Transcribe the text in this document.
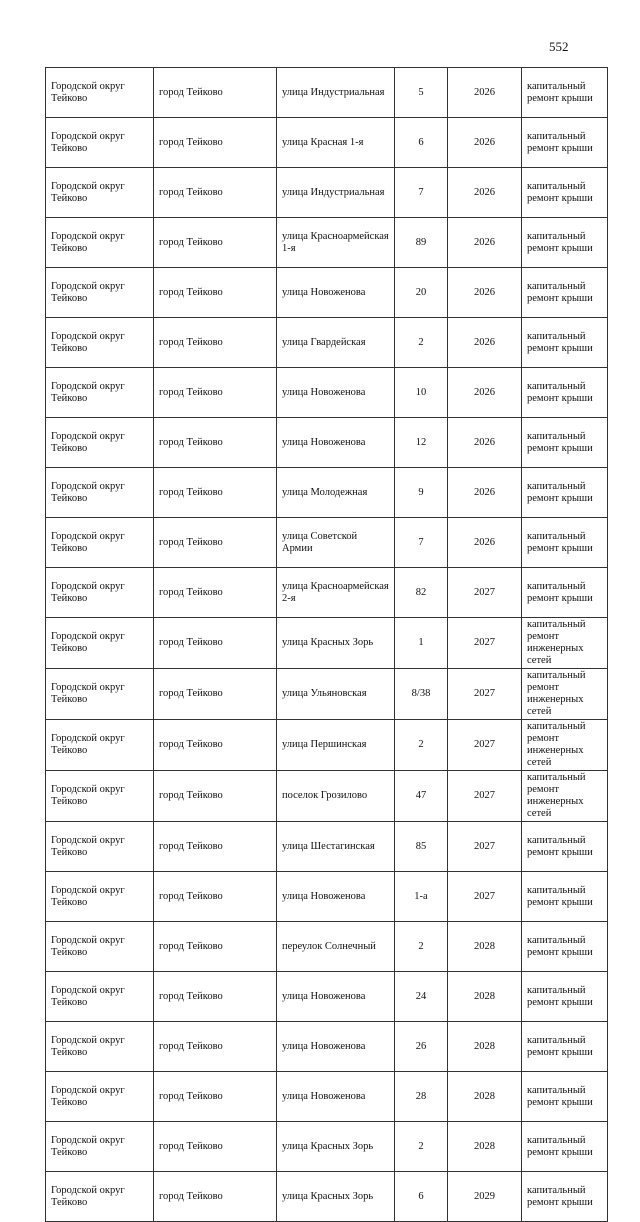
552
Городской округ Тейково	город Тейково	улица Индустриальная	5	2026	капитальный ремонт крыши
Городской округ Тейково	город Тейково	улица Красная 1-я	6	2026	капитальный ремонт крыши
Городской округ Тейково	город Тейково	улица Индустриальная	7	2026	капитальный ремонт крыши
Городской округ Тейково	город Тейково	улица Красноармейская 1-я	89	2026	капитальный ремонт крыши
Городской округ Тейково	город Тейково	улица Новоженова	20	2026	капитальный ремонт крыши
Городской округ Тейково	город Тейково	улица Гвардейская	2	2026	капитальный ремонт крыши
Городской округ Тейково	город Тейково	улица Новоженова	10	2026	капитальный ремонт крыши
Городской округ Тейково	город Тейково	улица Новоженова	12	2026	капитальный ремонт крыши
Городской округ Тейково	город Тейково	улица Молодежная	9	2026	капитальный ремонт крыши
Городской округ Тейково	город Тейково	улица Советской Армии	7	2026	капитальный ремонт крыши
Городской округ Тейково	город Тейково	улица Красноармейская 2-я	82	2027	капитальный ремонт крыши
Городской округ Тейково	город Тейково	улица Красных Зорь	1	2027	капитальный ремонт инженерных сетей
Городской округ Тейково	город Тейково	улица Ульяновская	8/38	2027	капитальный ремонт инженерных сетей
Городской округ Тейково	город Тейково	улица Першинская	2	2027	капитальный ремонт инженерных сетей
Городской округ Тейково	город Тейково	поселок Грозилово	47	2027	капитальный ремонт инженерных сетей
Городской округ Тейково	город Тейково	улица Шестагинская	85	2027	капитальный ремонт крыши
Городской округ Тейково	город Тейково	улица Новоженова	1-а	2027	капитальный ремонт крыши
Городской округ Тейково	город Тейково	переулок Солнечный	2	2028	капитальный ремонт крыши
Городской округ Тейково	город Тейково	улица Новоженова	24	2028	капитальный ремонт крыши
Городской округ Тейково	город Тейково	улица Новоженова	26	2028	капитальный ремонт крыши
Городской округ Тейково	город Тейково	улица Новоженова	28	2028	капитальный ремонт крыши
Городской округ Тейково	город Тейково	улица Красных Зорь	2	2028	капитальный ремонт крыши
Городской округ Тейково	город Тейково	улица Красных Зорь	6	2029	капитальный ремонт крыши
